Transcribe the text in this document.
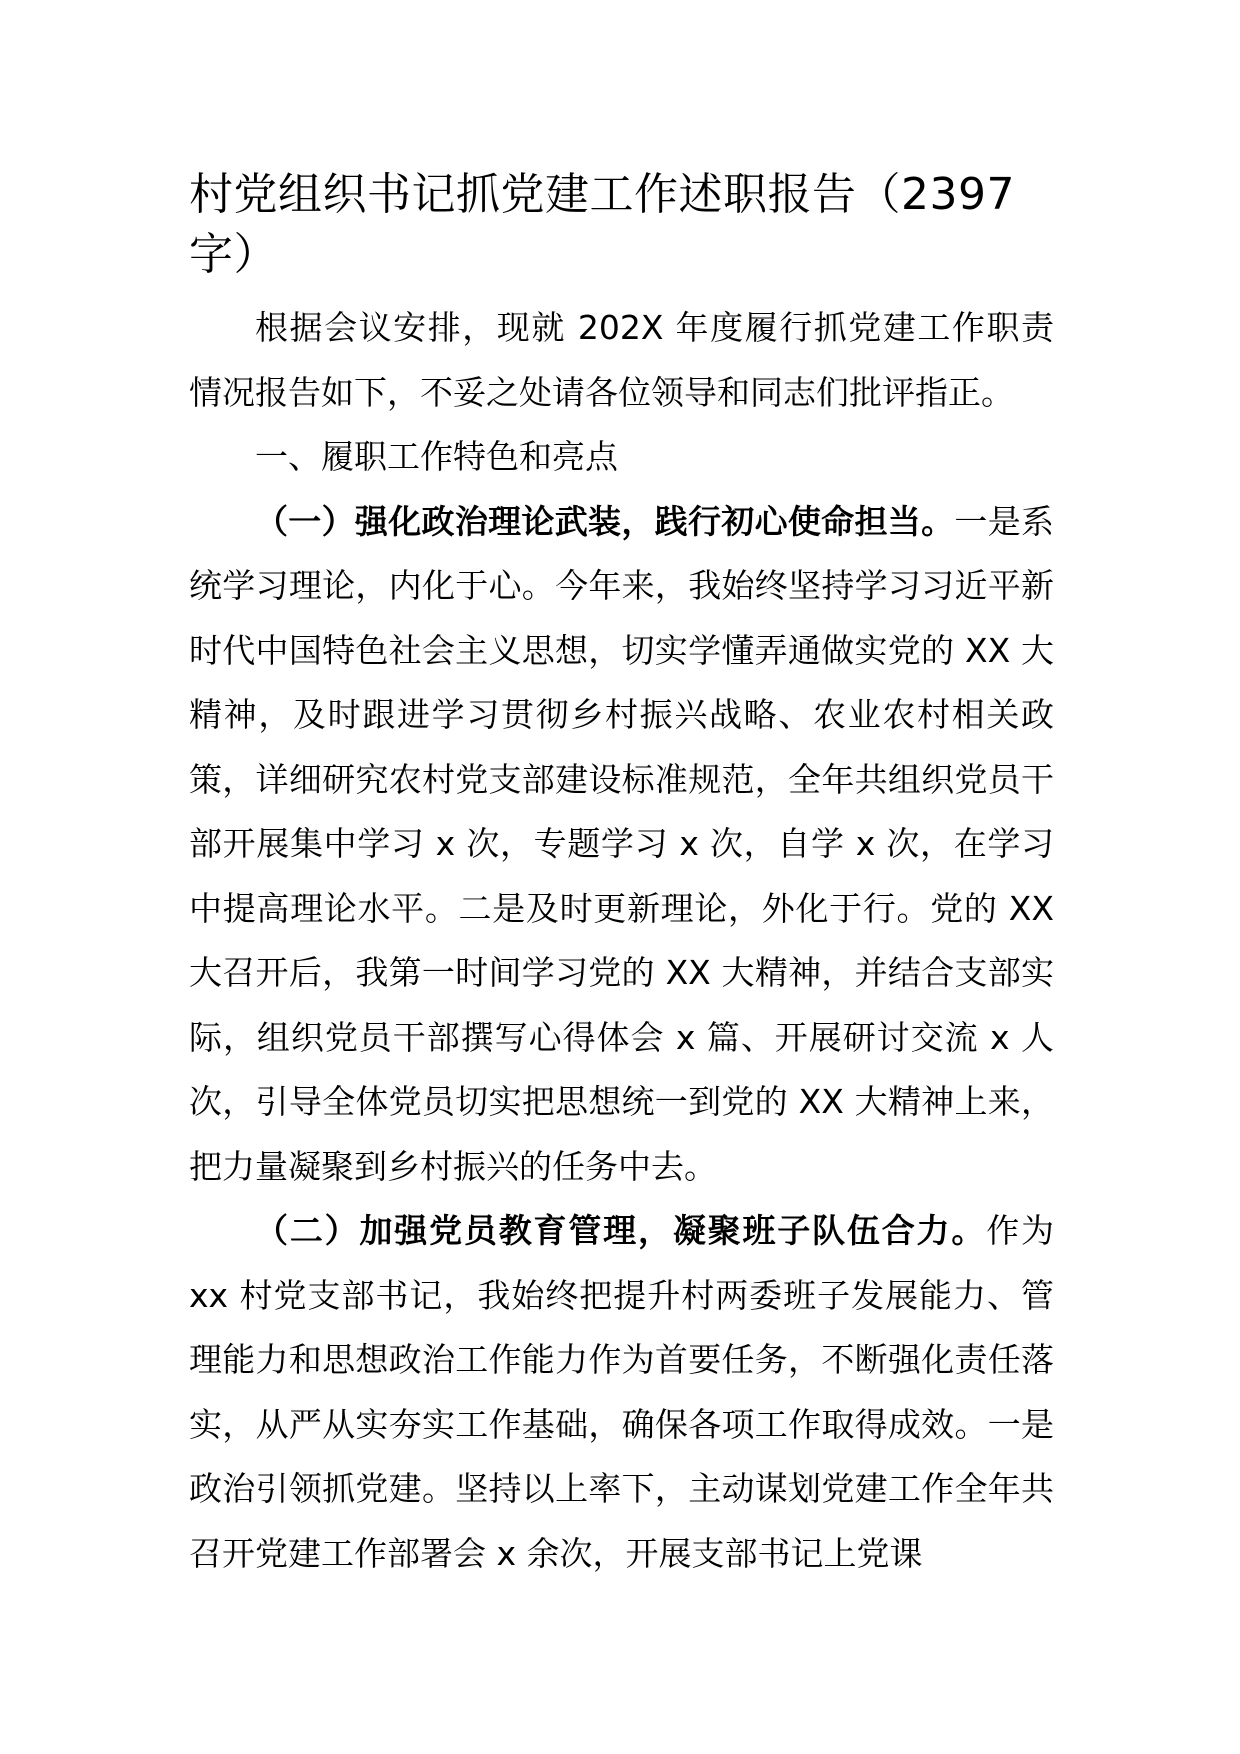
村党组织书记抓党建工作述职报告（2397字）

根据会议安排，现就 202X 年度履行抓党建工作职责情况报告如下，不妥之处请各位领导和同志们批评指正。

一、履职工作特色和亮点

（一）强化政治理论武装，践行初心使命担当。一是系统学习理论，内化于心。今年来，我始终坚持学习习近平新时代中国特色社会主义思想，切实学懂弄通做实党的 XX 大精神，及时跟进学习贯彻乡村振兴战略、农业农村相关政策，详细研究农村党支部建设标准规范，全年共组织党员干部开展集中学习 x 次，专题学习 x 次，自学 x 次，在学习中提高理论水平。二是及时更新理论，外化于行。党的 XX 大召开后，我第一时间学习党的 XX 大精神，并结合支部实际，组织党员干部撰写心得体会 x 篇、开展研讨交流 x 人次，引导全体党员切实把思想统一到党的 XX 大精神上来，把力量凝聚到乡村振兴的任务中去。

（二）加强党员教育管理，凝聚班子队伍合力。作为 xx 村党支部书记，我始终把提升村两委班子发展能力、管理能力和思想政治工作能力作为首要任务，不断强化责任落实，从严从实夯实工作基础，确保各项工作取得成效。一是政治引领抓党建。坚持以上率下，主动谋划党建工作全年共召开党建工作部署会 x 余次，开展支部书记上党课
